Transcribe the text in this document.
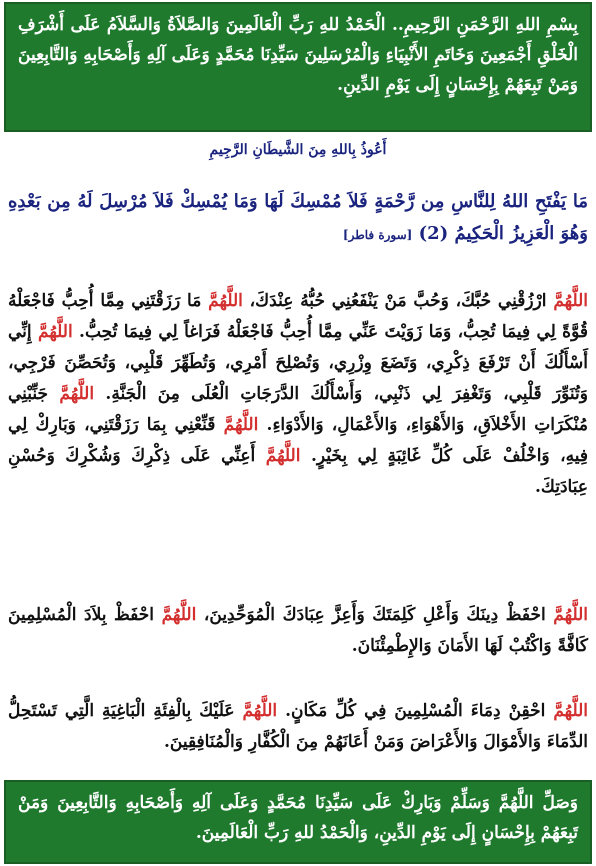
بِسْمِ اللهِ الرَّحْمَنِ الرَّحِيمِ.. الْحَمْدُ للهِ رَبِّ الْعَالَمِينَ وَالصَّلاَةُ وَالسَّلاَمُ عَلَى أَشْرَفِ الْخَلْقِ أَجْمَعِينَ وَخَاتَمِ الأَنْبِيَاءِ وَالْمُرْسَلِينَ سَيِّدِنَا مُحَمَّدٍ وَعَلَى آلِهِ وَأَصْحَابِهِ وَالتَّابِعِينَ وَمَنْ تَبِعَهُمْ بِإِحْسَانٍ إِلَى يَوْمِ الدِّينِ.
أَعُوذُ بِاللهِ مِنَ الشَّيطَانِ الرَّجِيمِ
مَا يَفْتَحِ اللهُ لِلنَّاسِ مِن رَّحْمَةٍ فَلاَ مُمْسِكَ لَهَا وَمَا يُمْسِكْ فَلاَ مُرْسِلَ لَهُ مِن بَعْدِهِ وَهُوَ الْعَزِيزُ الْحَكِيمُ (2) [سورة فاطر]
اللَّهُمَّ ارْزُقْنِي حُبَّكَ، وَحُبَّ مَنْ يَنْفَعُنِي حُبُّهُ عِنْدَكَ، اللَّهُمَّ مَا رَزَقْتَنِي مِمَّا أُحِبُّ فَاجْعَلْهُ قُوَّةً لِي فِيمَا تُحِبُّ، وَمَا زَوَيْتَ عَنِّي مِمَّا أُحِبُّ فَاجْعَلْهُ فَرَاغاً لِي فِيمَا تُحِبُّ. اللَّهُمَّ إِنِّي أَسْأَلُكَ أَنْ تَرْفَعَ ذِكْرِي، وَتَضَعَ وِزْرِي، وَتُصْلِحَ أَمْرِي، وَتُطَهِّرَ قَلْبِي، وَتُحَصِّنَ فَرْجِي، وَتُنَوِّرَ قَلْبِي، وَتَغْفِرَ لِي ذَنْبِي، وَأَسْأَلُكَ الدَّرَجَاتِ الْعُلَى مِنَ الْجَنَّةِ. اللَّهُمَّ جَنِّبْنِي مُنْكَرَاتِ الأَخْلاَقِ، وَالأَهْوَاءِ، وَالأَعْمَالِ، وَالأَدْوَاءِ. اللَّهُمَّ قَنِّعْنِي بِمَا رَزَقْتَنِي، وَبَارِكْ لِي فِيهِ، وَاخْلُفْ عَلَى كُلِّ غَائِبَةٍ لِي بِخَيْرٍ. اللَّهُمَّ أَعِنِّي عَلَى ذِكْرِكَ وَشُكْرِكَ وَحُسْنِ عِبَادَتِكَ.
اللَّهُمَّ احْفَظْ دِينَكَ وَأَعْلِ كَلِمَتَكَ وَأَعِزَّ عِبَادَكَ الْمُوَحِّدِينَ، اللَّهُمَّ احْفَظْ بِلاَدَ الْمُسْلِمِينَ كَافَّةً وَاكْتُبْ لَهَا الأَمَانَ وَالإِطْمِئْنَانَ.
اللَّهُمَّ احْقِنْ دِمَاءَ الْمُسْلِمِينَ فِي كُلِّ مَكَانٍ. اللَّهُمَّ عَلَيْكَ بِالْفِئَةِ الْبَاغِيَةِ الَّتِي تَسْتَحِلُّ الدِّمَاءَ وَالأَمْوَالَ وَالأَعْرَاضَ وَمَنْ أَعَانَهُمْ مِنَ الْكُفَّارِ وَالْمُنَافِقِينَ.
وَصَلِّ اللَّهُمَّ وَسَلِّمْ وَبَارِكْ عَلَى سَيِّدِنَا مُحَمَّدٍ وَعَلَى آلِهِ وَأَصْحَابِهِ وَالتَّابِعِينَ وَمَنْ تَبِعَهُمْ بِإِحْسَانٍ إِلَى يَوْمِ الدِّينِ، وَالْحَمْدُ للهِ رَبِّ الْعَالَمِينَ.
